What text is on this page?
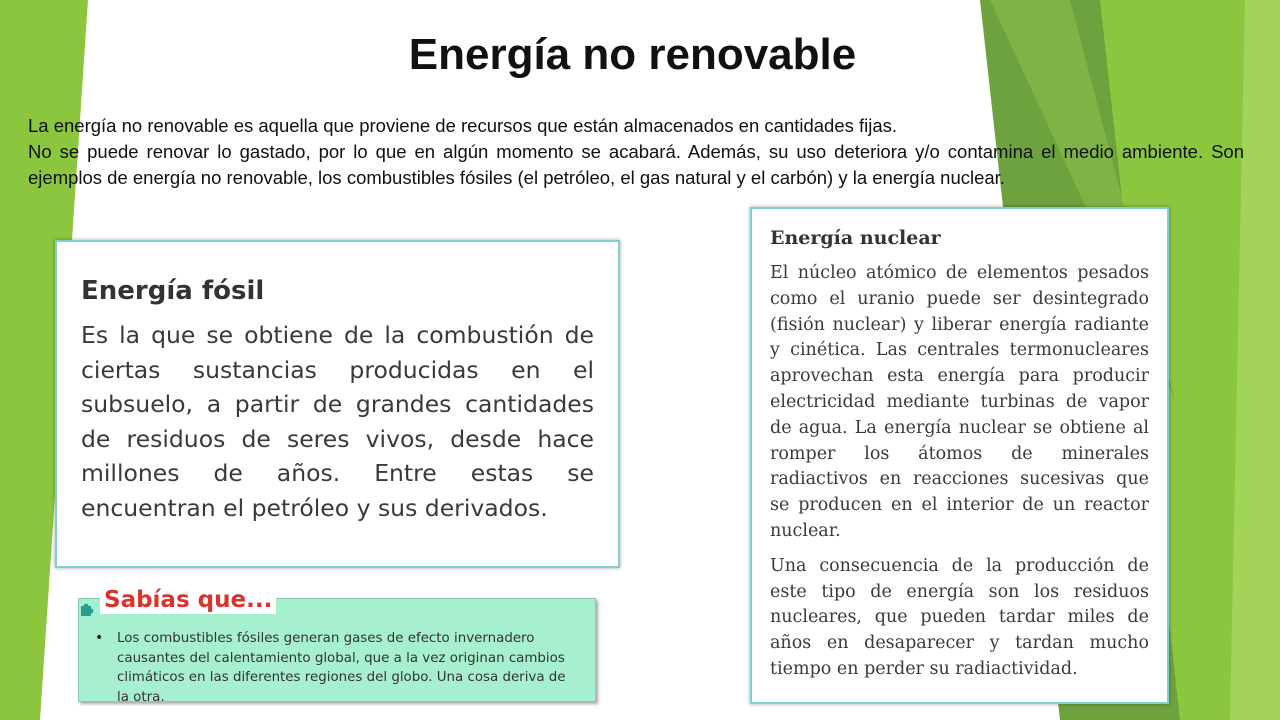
Energía no renovable

La energía no renovable es aquella que proviene de recursos que están almacenados en cantidades fijas.

No se puede renovar lo gastado, por lo que en algún momento se acabará. Además, su uso deteriora y/o contamina el medio ambiente. Son ejemplos de energía no renovable, los combustibles fósiles (el petróleo, el gas natural y el carbón) y la energía nuclear.

Energía fósil

Es la que se obtiene de la combustión de ciertas sustancias producidas en el subsuelo, a partir de grandes cantidades de residuos de seres vivos, desde hace millones de años. Entre estas se encuentran el petróleo y sus derivados.

Energía nuclear

El núcleo atómico de elementos pesados como el uranio puede ser desintegrado (fisión nuclear) y liberar energía radiante y cinética. Las centrales termonucleares aprovechan esta energía para producir electricidad mediante turbinas de vapor de agua. La energía nuclear se obtiene al romper los átomos de minerales radiactivos en reacciones sucesivas que se producen en el interior de un reactor nuclear.

Una consecuencia de la producción de este tipo de energía son los residuos nucleares, que pueden tardar miles de años en desaparecer y tardan mucho tiempo en perder su radiactividad.

• Los combustibles fósiles generan gases de efecto invernadero causantes del calentamiento global, que a la vez originan cambios climáticos en las diferentes regiones del globo. Una cosa deriva de la otra.
Sabías que...
